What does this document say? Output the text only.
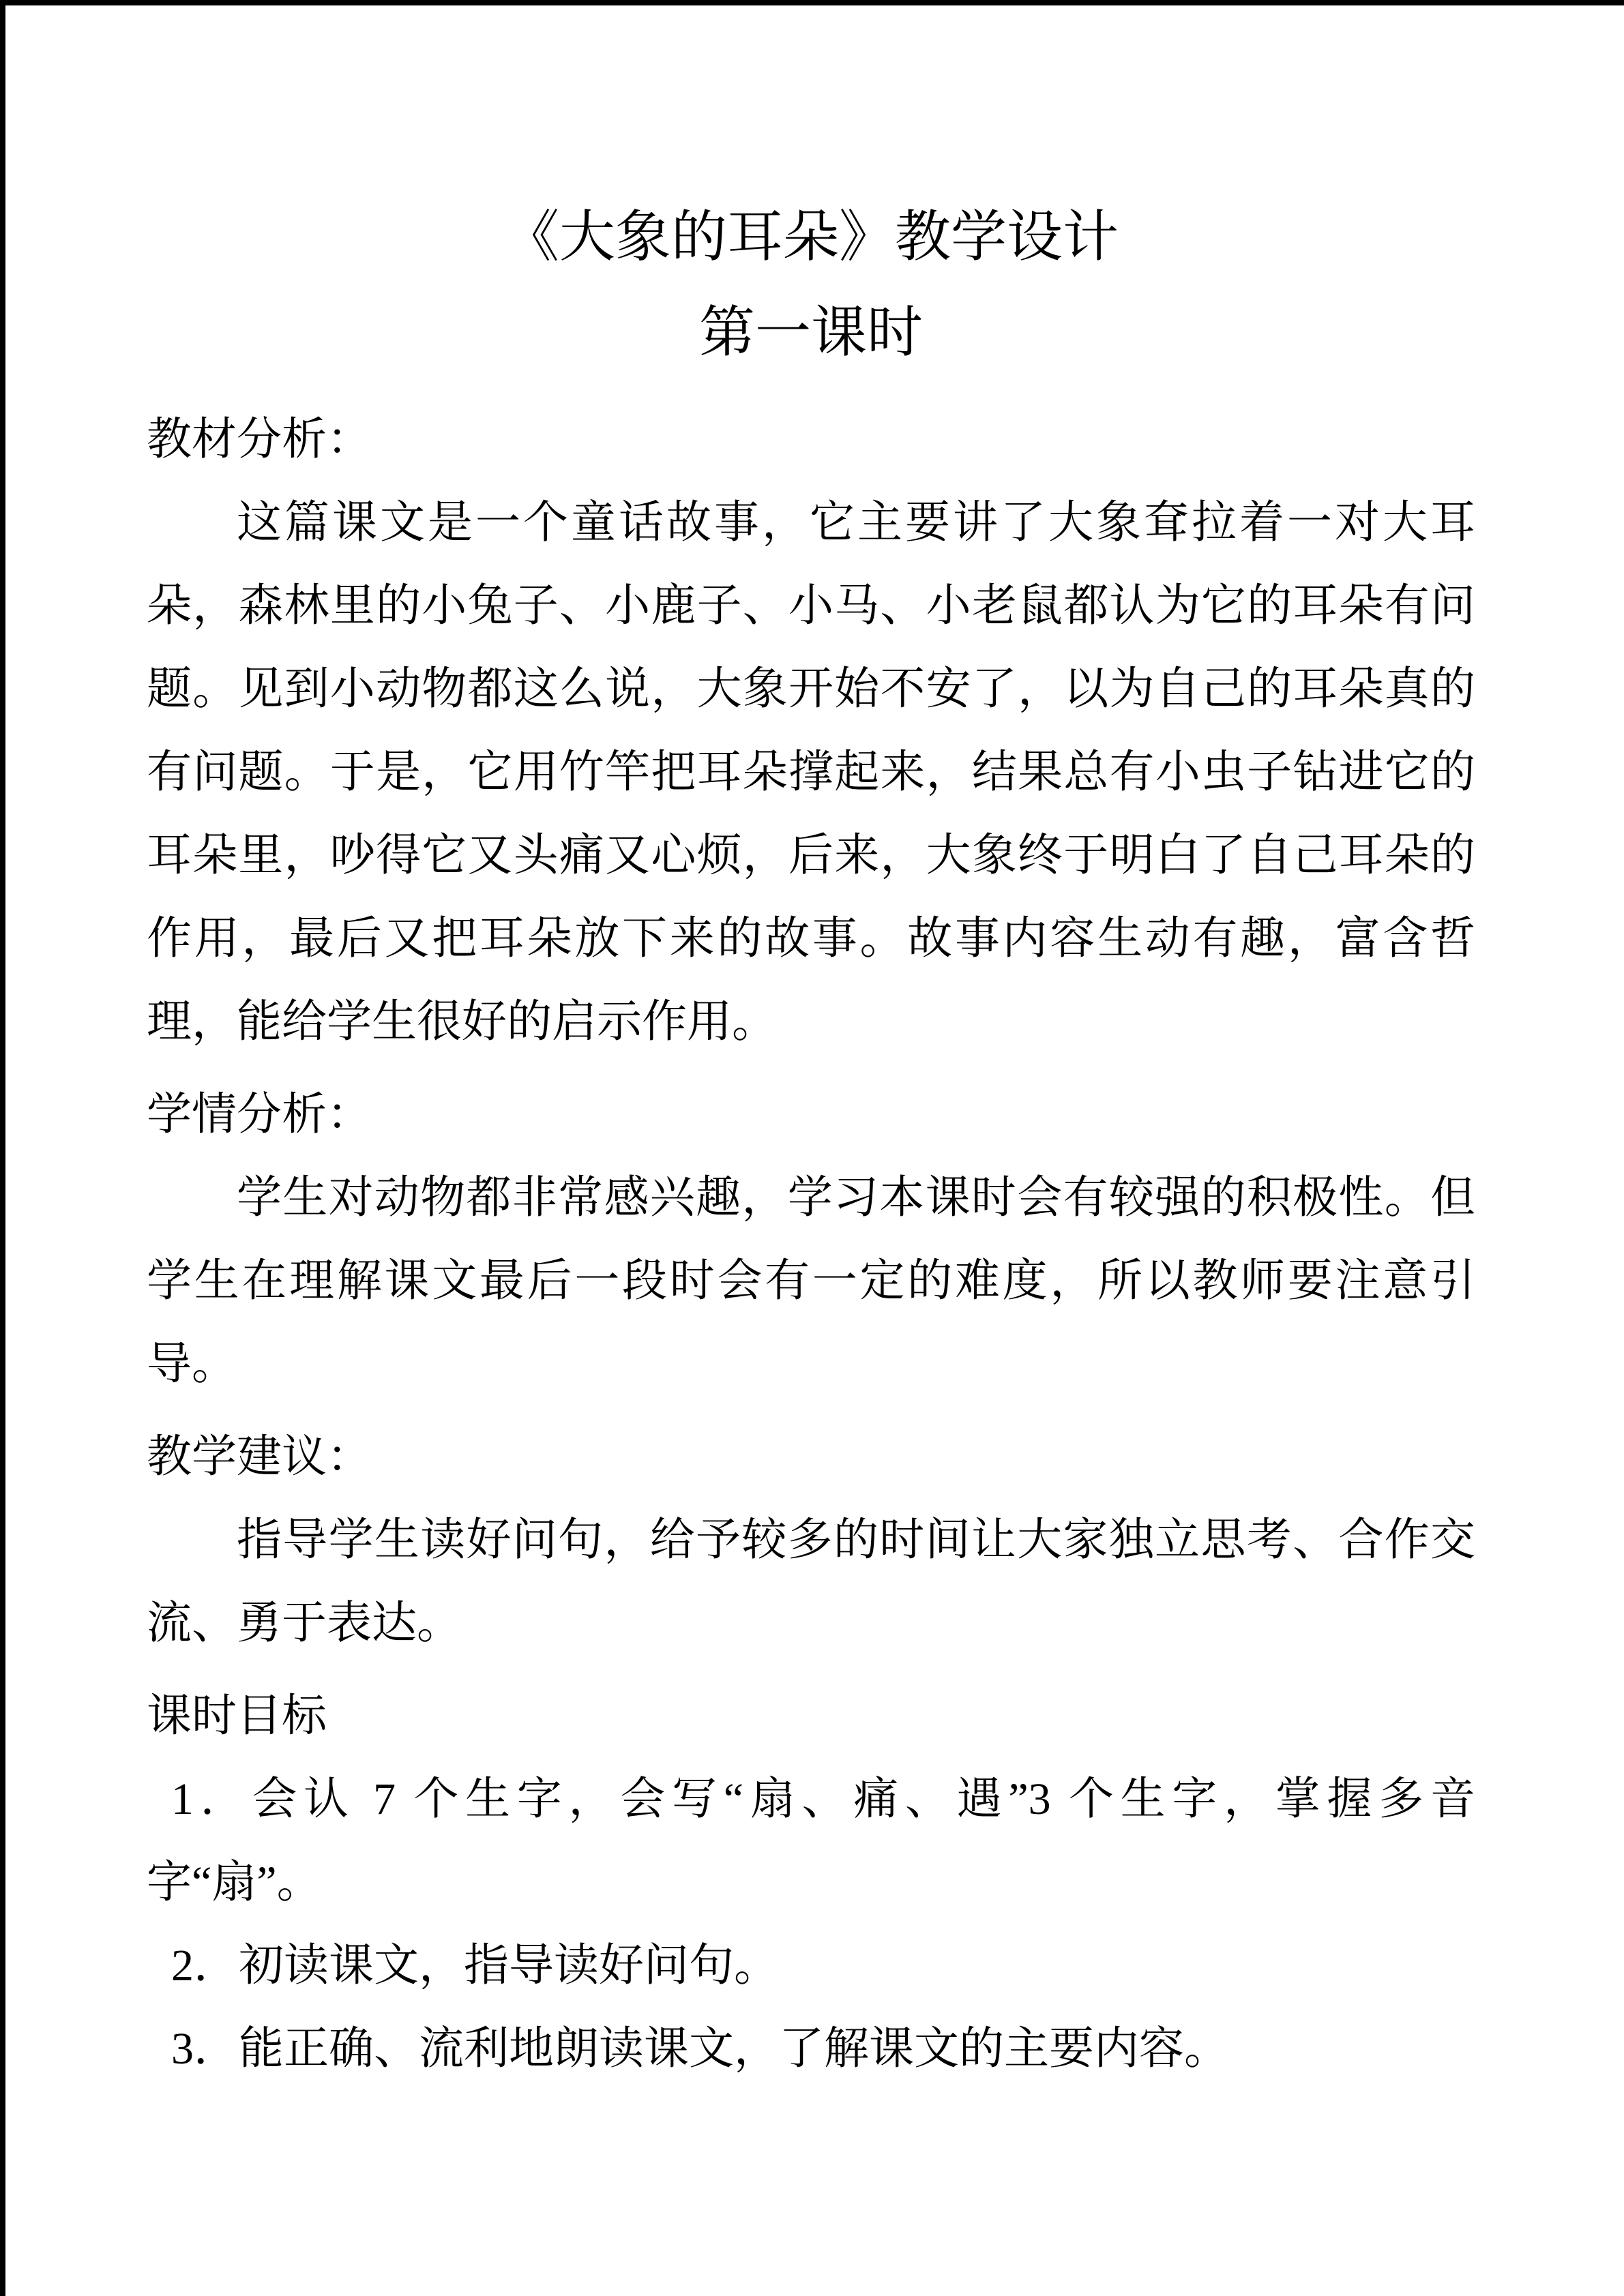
《大象的耳朵》教学设计
第一课时
教材分析：

这篇课文是一个童话故事，它主要讲了大象耷拉着一对大耳朵，森林里的小兔子、小鹿子、小马、小老鼠都认为它的耳朵有问题。见到小动物都这么说，大象开始不安了，以为自己的耳朵真的有问题。于是，它用竹竿把耳朵撑起来，结果总有小虫子钻进它的耳朵里，吵得它又头痛又心烦，后来，大象终于明白了自己耳朵的作用，最后又把耳朵放下来的故事。故事内容生动有趣，富含哲理，能给学生很好的启示作用。

学情分析：

学生对动物都非常感兴趣，学习本课时会有较强的积极性。但学生在理解课文最后一段时会有一定的难度，所以教师要注意引导。

教学建议：

指导学生读好问句，给予较多的时间让大家独立思考、合作交流、勇于表达。

课时目标

1．会认 7 个生字，会写“扇、痛、遇”3 个生字，掌握多音字“扇”。

2．初读课文，指导读好问句。

3．能正确、流利地朗读课文，了解课文的主要内容。
